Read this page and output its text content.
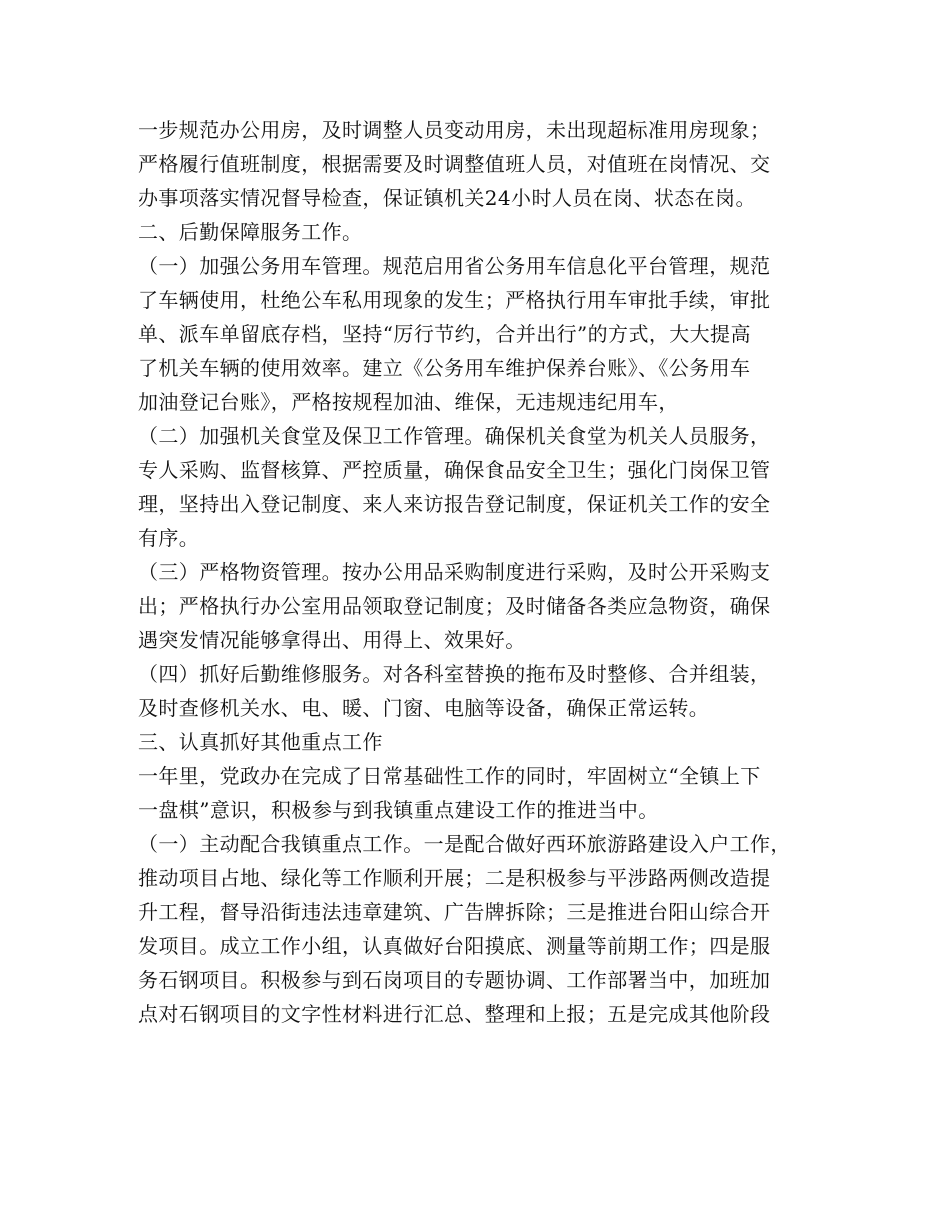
一步规范办公用房，及时调整人员变动用房，未出现超标准用房现象；
严格履行值班制度，根据需要及时调整值班人员，对值班在岗情况、交
办事项落实情况督导检查，保证镇机关24小时人员在岗、状态在岗。
二、后勤保障服务工作。
（一）加强公务用车管理。规范启用省公务用车信息化平台管理，规范
了车辆使用，杜绝公车私用现象的发生；严格执行用车审批手续，审批
单、派车单留底存档，坚持“厉行节约，合并出行”的方式，大大提高
了机关车辆的使用效率。建立《公务用车维护保养台账》、《公务用车
加油登记台账》，严格按规程加油、维保，无违规违纪用车，
（二）加强机关食堂及保卫工作管理。确保机关食堂为机关人员服务，
专人采购、监督核算、严控质量，确保食品安全卫生；强化门岗保卫管
理，坚持出入登记制度、来人来访报告登记制度，保证机关工作的安全
有序。
（三）严格物资管理。按办公用品采购制度进行采购，及时公开采购支
出；严格执行办公室用品领取登记制度；及时储备各类应急物资，确保
遇突发情况能够拿得出、用得上、效果好。
（四）抓好后勤维修服务。对各科室替换的拖布及时整修、合并组装，
及时查修机关水、电、暖、门窗、电脑等设备，确保正常运转。
三、认真抓好其他重点工作
一年里，党政办在完成了日常基础性工作的同时，牢固树立“全镇上下
一盘棋”意识，积极参与到我镇重点建设工作的推进当中。
（一）主动配合我镇重点工作。一是配合做好西环旅游路建设入户工作，
推动项目占地、绿化等工作顺利开展；二是积极参与平涉路两侧改造提
升工程，督导沿街违法违章建筑、广告牌拆除；三是推进台阳山综合开
发项目。成立工作小组，认真做好台阳摸底、测量等前期工作；四是服
务石钢项目。积极参与到石岗项目的专题协调、工作部署当中，加班加
点对石钢项目的文字性材料进行汇总、整理和上报；五是完成其他阶段
